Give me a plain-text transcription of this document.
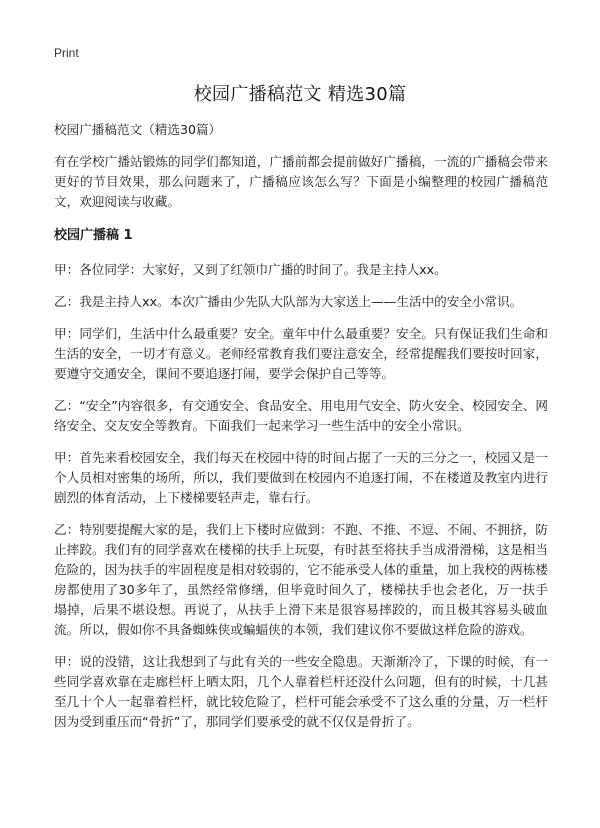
Print
校园广播稿范文 精选30篇
校园广播稿范文（精选30篇）
有在学校广播站锻炼的同学们都知道，广播前都会提前做好广播稿，一流的广播稿会带来更好的节目效果，那么问题来了，广播稿应该怎么写？下面是小编整理的校园广播稿范文，欢迎阅读与收藏。
校园广播稿 1
甲：各位同学：大家好，又到了红领巾广播的时间了。我是主持人xx。
乙：我是主持人xx。本次广播由少先队大队部为大家送上——生活中的安全小常识。
甲：同学们，生活中什么最重要？安全。童年中什么最重要？安全。只有保证我们生命和生活的安全，一切才有意义。老师经常教育我们要注意安全，经常提醒我们要按时回家，要遵守交通安全，课间不要追逐打闹，要学会保护自己等等。
乙：“安全”内容很多，有交通安全、食品安全、用电用气安全、防火安全、校园安全、网络安全、交友安全等教育。下面我们一起来学习一些生活中的安全小常识。
甲：首先来看校园安全，我们每天在校园中待的时间占据了一天的三分之一，校园又是一个人员相对密集的场所，所以，我们要做到在校园内不追逐打闹，不在楼道及教室内进行剧烈的体育活动，上下楼梯要轻声走，靠右行。
乙：特别要提醒大家的是，我们上下楼时应做到：不跑、不推、不逗、不闹、不拥挤，防止摔跤。我们有的同学喜欢在楼梯的扶手上玩耍，有时甚至将扶手当成滑滑梯，这是相当危险的，因为扶手的牢固程度是相对较弱的，它不能承受人体的重量，加上我校的两栋楼房都使用了30多年了，虽然经常修缮，但毕竟时间久了，楼梯扶手也会老化，万一扶手塌掉，后果不堪设想。再说了，从扶手上滑下来是很容易摔跤的，而且极其容易头破血流。所以，假如你不具备蜘蛛侠或蝙蝠侠的本领，我们建议你不要做这样危险的游戏。
甲：说的没错，这让我想到了与此有关的一些安全隐患。天渐渐冷了，下课的时候，有一些同学喜欢靠在走廊栏杆上晒太阳，几个人靠着栏杆还没什么问题，但有的时候，十几甚至几十个人一起靠着栏杆，就比较危险了，栏杆可能会承受不了这么重的分量，万一栏杆因为受到重压而“骨折”了，那同学们要承受的就不仅仅是骨折了。
